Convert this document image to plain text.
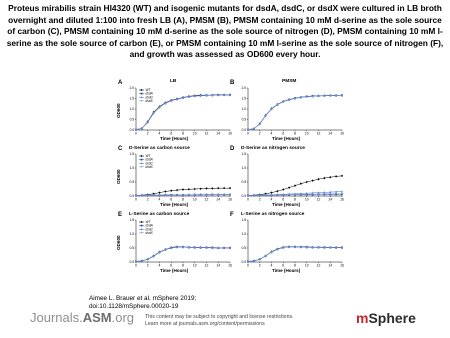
Proteus mirabilis strain HI4320 (WT) and isogenic mutants for dsdA, dsdC, or dsdX were cultured in LB broth overnight and diluted 1:100 into fresh LB (A), PMSM (B), PMSM containing 10 mM d-serine as the sole source of carbon (C), PMSM containing 10 mM d-serine as the sole source of nitrogen (D), PMSM containing 10 mM l-serine as the sole source of carbon (E), or PMSM containing 10 mM l-serine as the sole source of nitrogen (F), and growth was assessed as OD600 every hour.
A	LB
OD600
Time (Hours)
0.0
0.5
1.0
1.5
2.0
0	2	4	6	8	10 12 14 16
WT
dsdA
dsdC
dsdX
B	PMSM
Time (Hours)
0.0
0.5
1.0
1.5
2.0
0	2	4	6	8	10 12 14 16
C D-Serine as carbon source
OD600
Time (Hours)
0.0
0.5
1.0
1.5
0	2	4	6	8	10 12 14 16
WT
dsdA
dsdC
dsdX
D D-Serine as nitrogen source
Time (Hours)
0.0
0.5
1.0
1.5
0	2	4	6	8	10 12 14 16
E L-Serine as carbon source
OD600
Time (Hours)
0.0
0.5
1.0
1.5
0	2	4	6	8	10 12 14 16
WT
dsdA
dsdC
dsdX
F L-Serine as nitrogen source
Time (Hours)
0.0
0.5
1.0
1.5
0	2	4	6	8	10 12 14 16
Aimee L. Brauer et al. mSphere 2019;
doi:10.1128/mSphere.00020-19
Journals.ASM.org This content may be subject to copyright and license restrictions.
Learn more at journals.asm.org/content/permissions	mSphere
